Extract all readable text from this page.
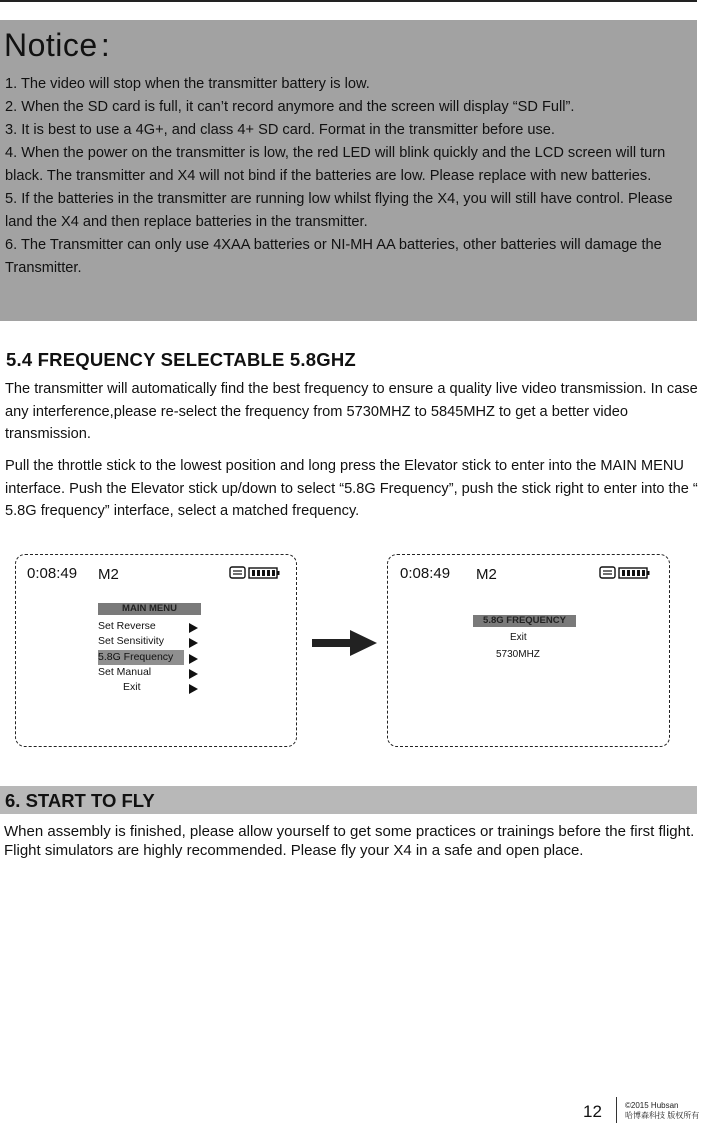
Notice :
1. The video will stop when the transmitter battery is low.
2. When the SD card is full, it can’t record anymore and the screen will display “SD Full”.
3. It is best to use a 4G+, and class 4+ SD card. Format in the transmitter before use.
4. When the power on the transmitter is low, the red LED will blink quickly and the LCD screen will turn black. The transmitter and X4 will not bind if the batteries are low. Please replace with new batteries.
5. If the batteries in the transmitter are running low whilst flying the X4, you will still have control. Please land the X4 and then replace batteries in the transmitter.
6. The Transmitter can only use 4XAA batteries or NI-MH AA batteries, other batteries will damage the Transmitter.
5.4 FREQUENCY SELECTABLE 5.8GHZ
The transmitter will automatically find the best frequency to ensure a quality live video transmission. In case any interference,please re-select the frequency from 5730MHZ to 5845MHZ to get a better video transmission.
Pull the throttle stick to the lowest position and long press the Elevator stick to enter into the MAIN MENU interface. Push the Elevator stick up/down to select “5.8G Frequency”, push the stick right to enter into the “ 5.8G frequency” interface, select a matched frequency.
0:08:49 M2
MAIN MENU
Set Reverse
Set Sensitivity
5.8G Frequency
Set Manual
Exit
0:08:49 M2
5.8G FREQUENCY
Exit
5730MHZ
6. START TO FLY
When assembly is finished, please allow yourself to get some practices or trainings before the first flight. Flight simulators are highly recommended. Please fly your X4 in a safe and open place.
12	©2015 Hubsan
哈博森科技 版权所有
